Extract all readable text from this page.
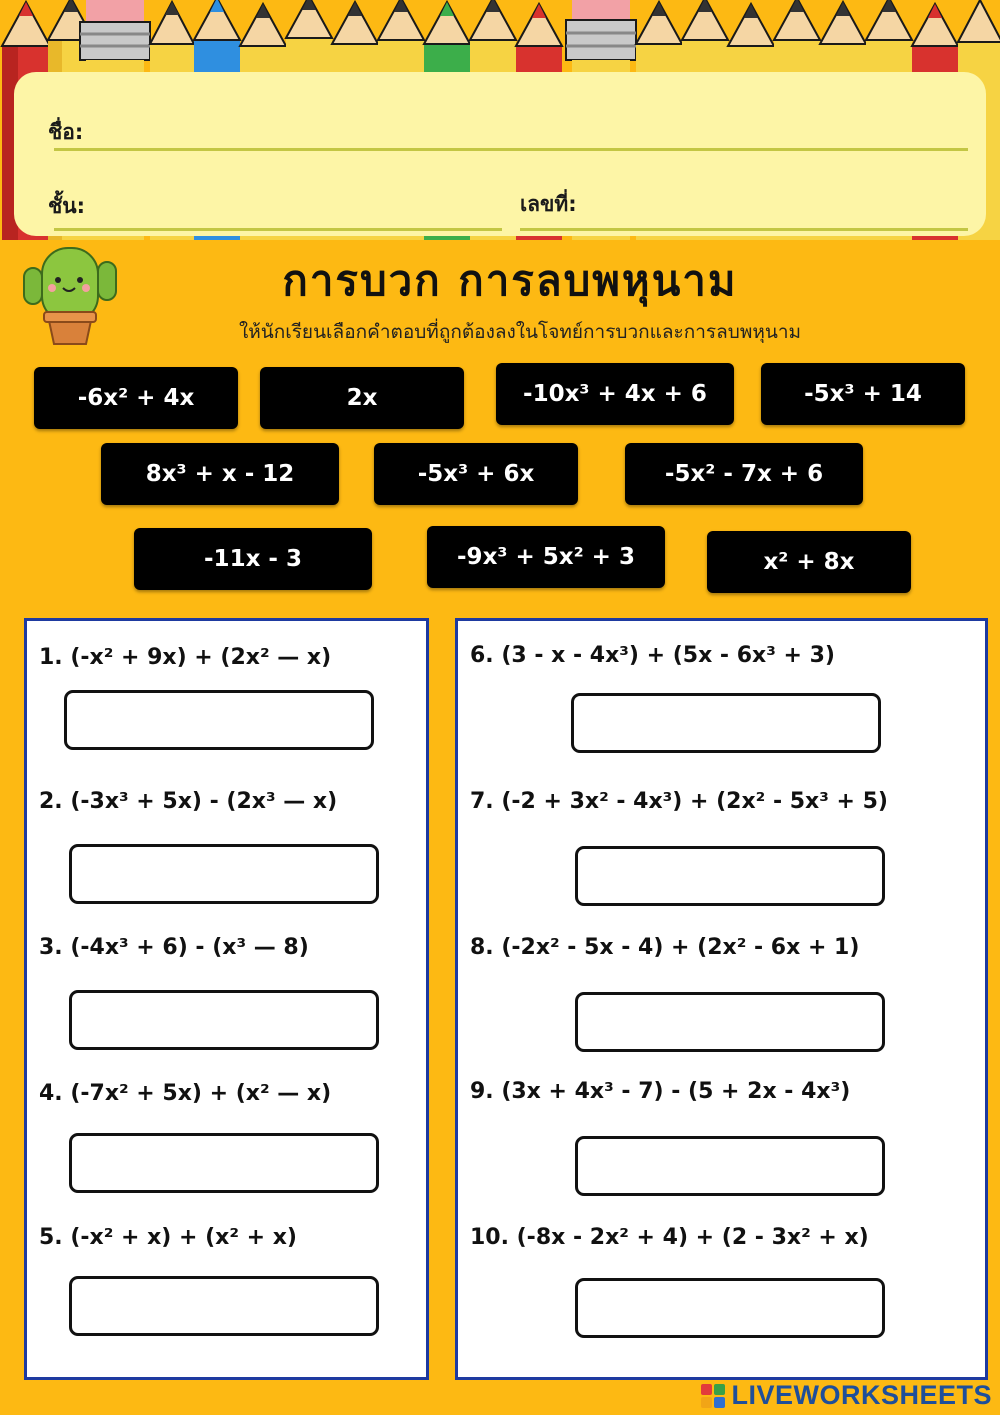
ชื่อ:
ชั้น:	เลขที่:
การบวก การลบพหุนาม
ให้นักเรียนเลือกคำตอบที่ถูกต้องลงในโจทย์การบวกและการลบพหุนาม
-6x² + 4x	2x	-10x³ + 4x + 6	-5x³ + 14
8x³ + x - 12	-5x³ + 6x	-5x² - 7x + 6
-11x - 3	-9x³ + 5x² + 3	x² + 8x
1. (-x² + 9x) + (2x² — x)
2. (-3x³ + 5x) - (2x³ — x)
3. (-4x³ + 6) - (x³ — 8)
4. (-7x² + 5x) + (x² — x)
5. (-x² + x) + (x² + x)
6. (3 - x - 4x³) + (5x - 6x³ + 3)
7. (-2 + 3x² - 4x³) + (2x² - 5x³ + 5)
8. (-2x² - 5x - 4) + (2x² - 6x + 1)
9. (3x + 4x³ - 7) - (5 + 2x - 4x³)
10. (-8x - 2x² + 4) + (2 - 3x² + x)
LIVEWORKSHEETS
